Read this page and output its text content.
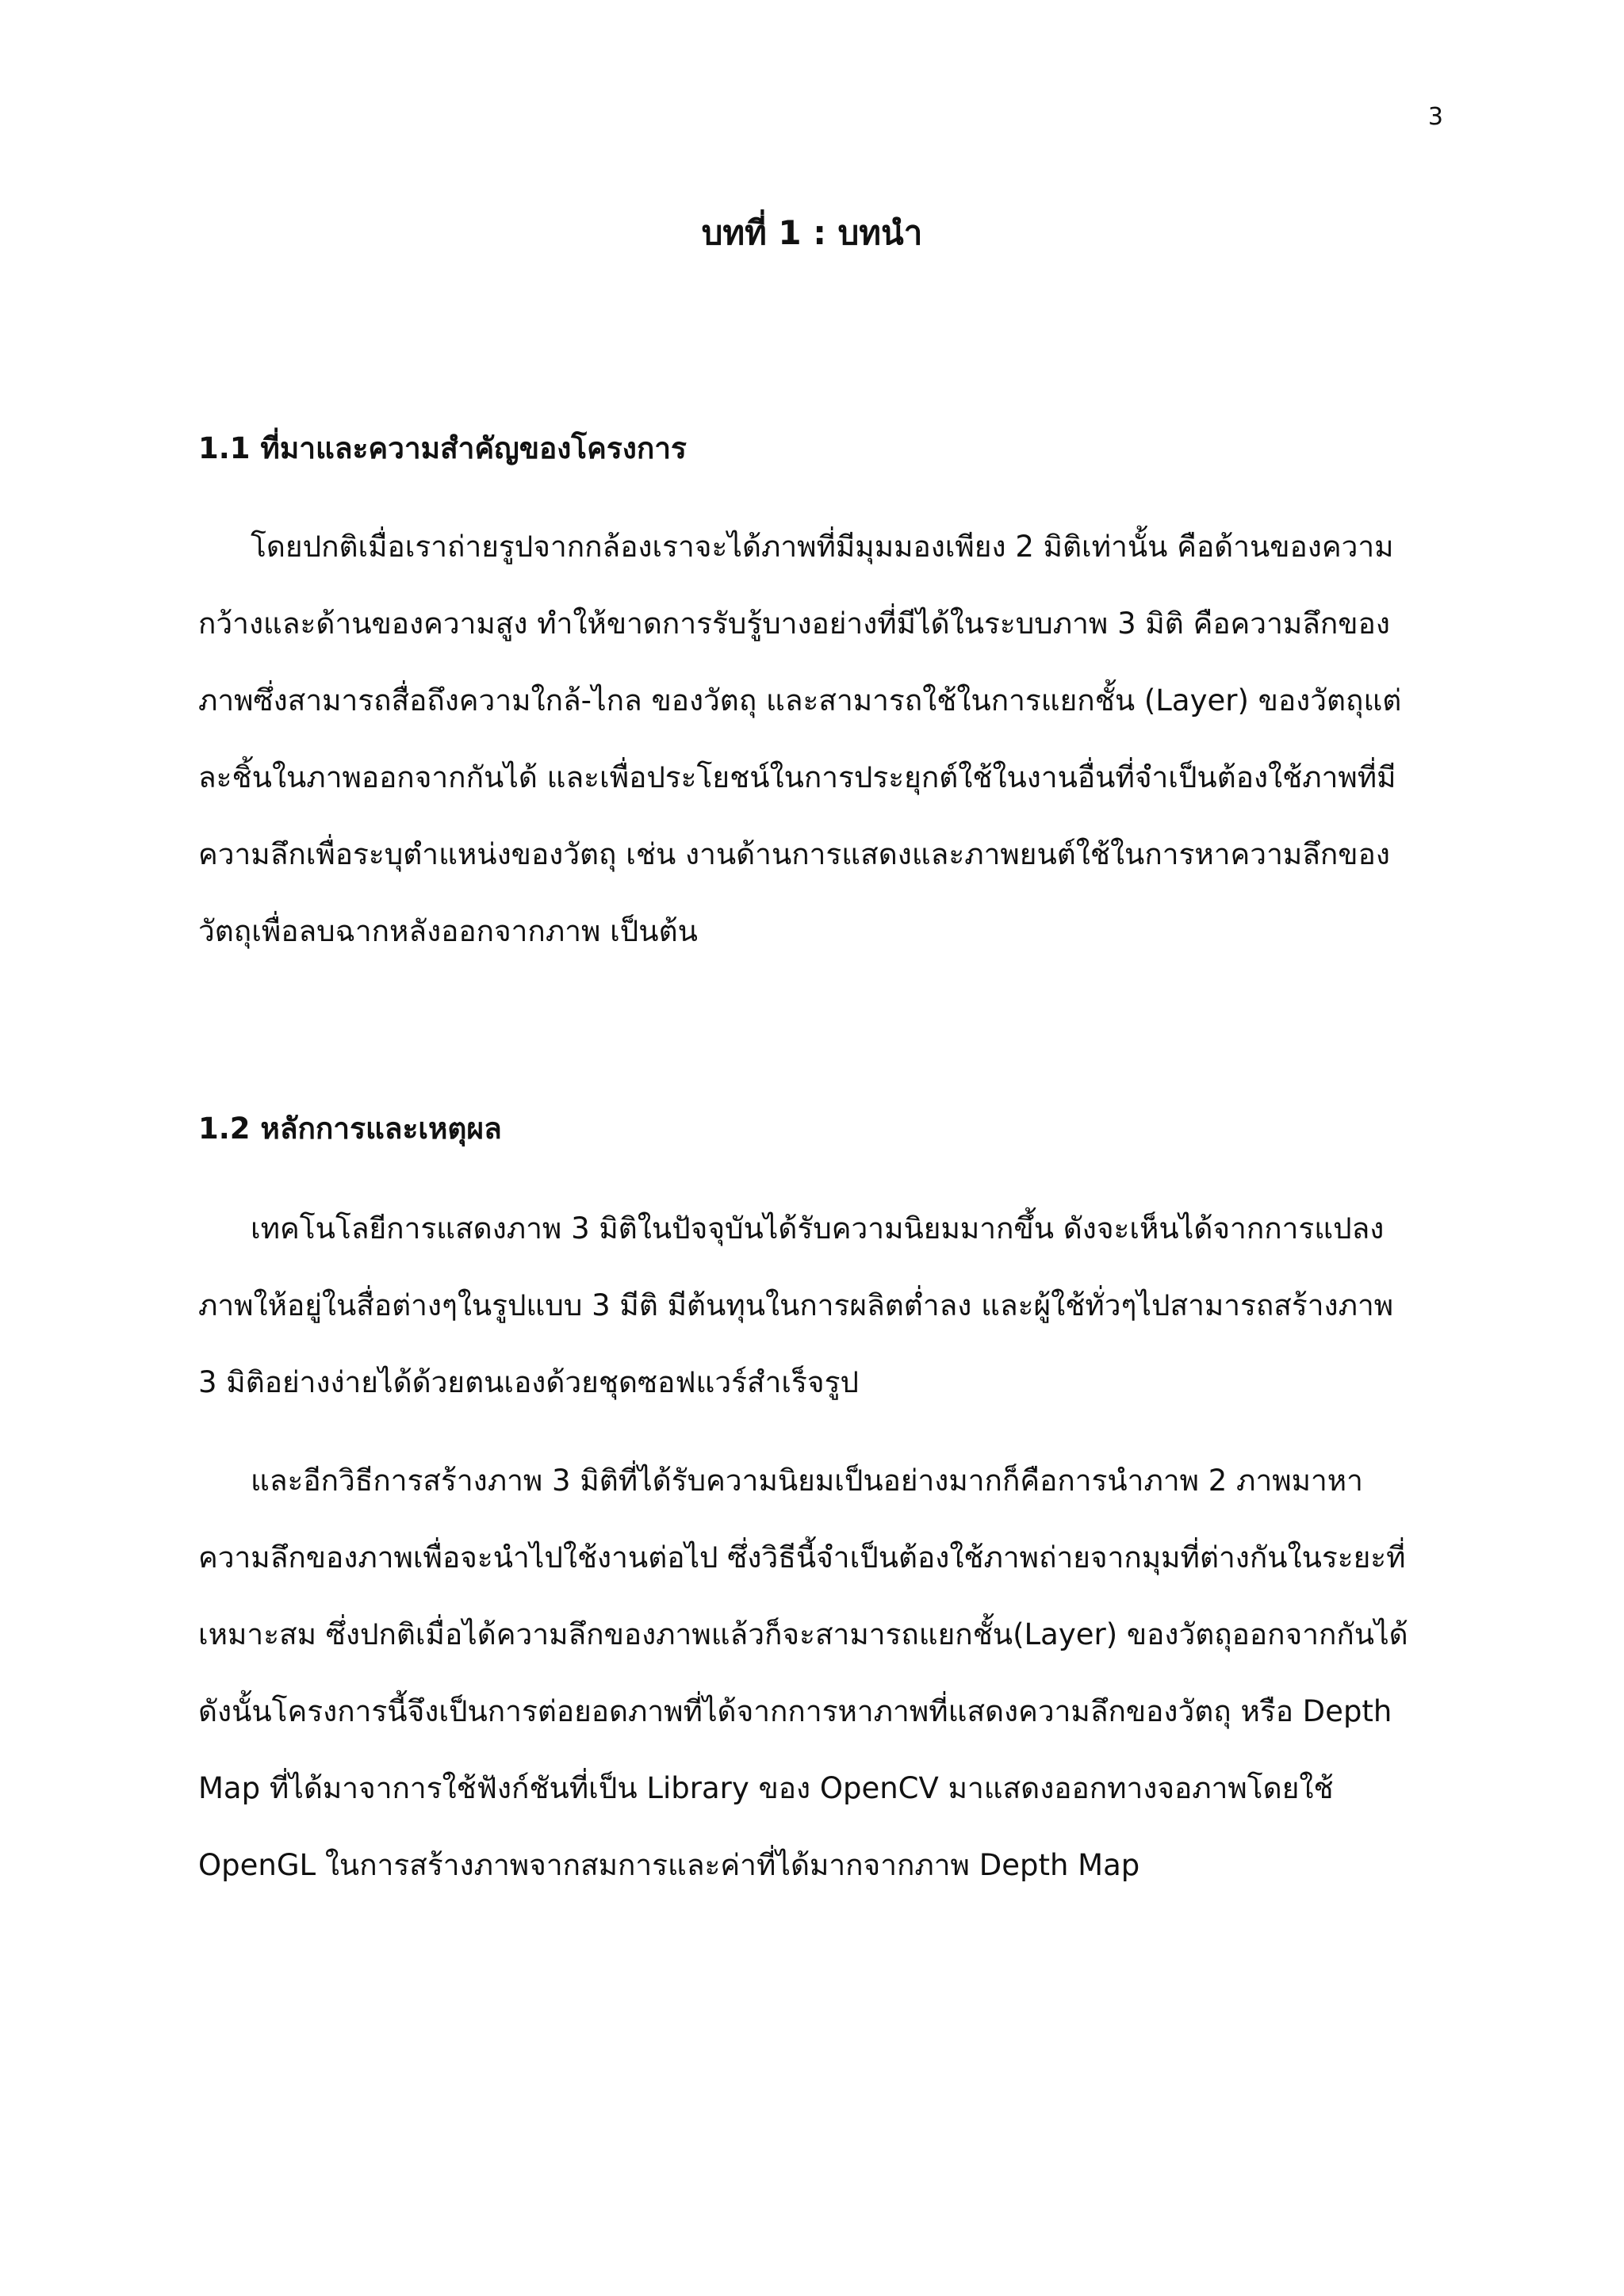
3
บทที่ 1 : บทนำ
1.1 ที่มาและความสำคัญของโครงการ
โดยปกติเมื่อเราถ่ายรูปจากกล้องเราจะได้ภาพที่มีมุมมองเพียง 2 มิติเท่านั้น คือด้านของความ
กว้างและด้านของความสูง ทำให้ขาดการรับรู้บางอย่างที่มีได้ในระบบภาพ 3 มิติ คือความลึกของ
ภาพซึ่งสามารถสื่อถึงความใกล้-ไกล ของวัตถุ และสามารถใช้ในการแยกชั้น (Layer) ของวัตถุแต่
ละชิ้นในภาพออกจากกันได้ และเพื่อประโยชน์ในการประยุกต์ใช้ในงานอื่นที่จำเป็นต้องใช้ภาพที่มี
ความลึกเพื่อระบุตำแหน่งของวัตถุ เช่น งานด้านการแสดงและภาพยนต์ใช้ในการหาความลึกของ
วัตถุเพื่อลบฉากหลังออกจากภาพ เป็นต้น
1.2 หลักการและเหตุผล
เทคโนโลยีการแสดงภาพ 3 มิติในปัจจุบันได้รับความนิยมมากขึ้น ดังจะเห็นได้จากการแปลง
ภาพให้อยู่ในสื่อต่างๆในรูปแบบ 3 มีติ มีต้นทุนในการผลิตต่ำลง และผู้ใช้ทั่วๆไปสามารถสร้างภาพ
3 มิติอย่างง่ายได้ด้วยตนเองด้วยชุดซอฟแวร์สำเร็จรูป
และอีกวิธีการสร้างภาพ 3 มิติที่ได้รับความนิยมเป็นอย่างมากก็คือการนำภาพ 2 ภาพมาหา
ความลึกของภาพเพื่อจะนำไปใช้งานต่อไป ซึ่งวิธีนี้จำเป็นต้องใช้ภาพถ่ายจากมุมที่ต่างกันในระยะที่
เหมาะสม ซึ่งปกติเมื่อได้ความลึกของภาพแล้วก็จะสามารถแยกชั้น(Layer) ของวัตถุออกจากกันได้
ดังนั้นโครงการนี้จึงเป็นการต่อยอดภาพที่ได้จากการหาภาพที่แสดงความลึกของวัตถุ หรือ Depth
Map ที่ได้มาจาการใช้ฟังก์ชันที่เป็น Library ของ OpenCV มาแสดงออกทางจอภาพโดยใช้
OpenGL ในการสร้างภาพจากสมการและค่าที่ได้มากจากภาพ Depth Map
